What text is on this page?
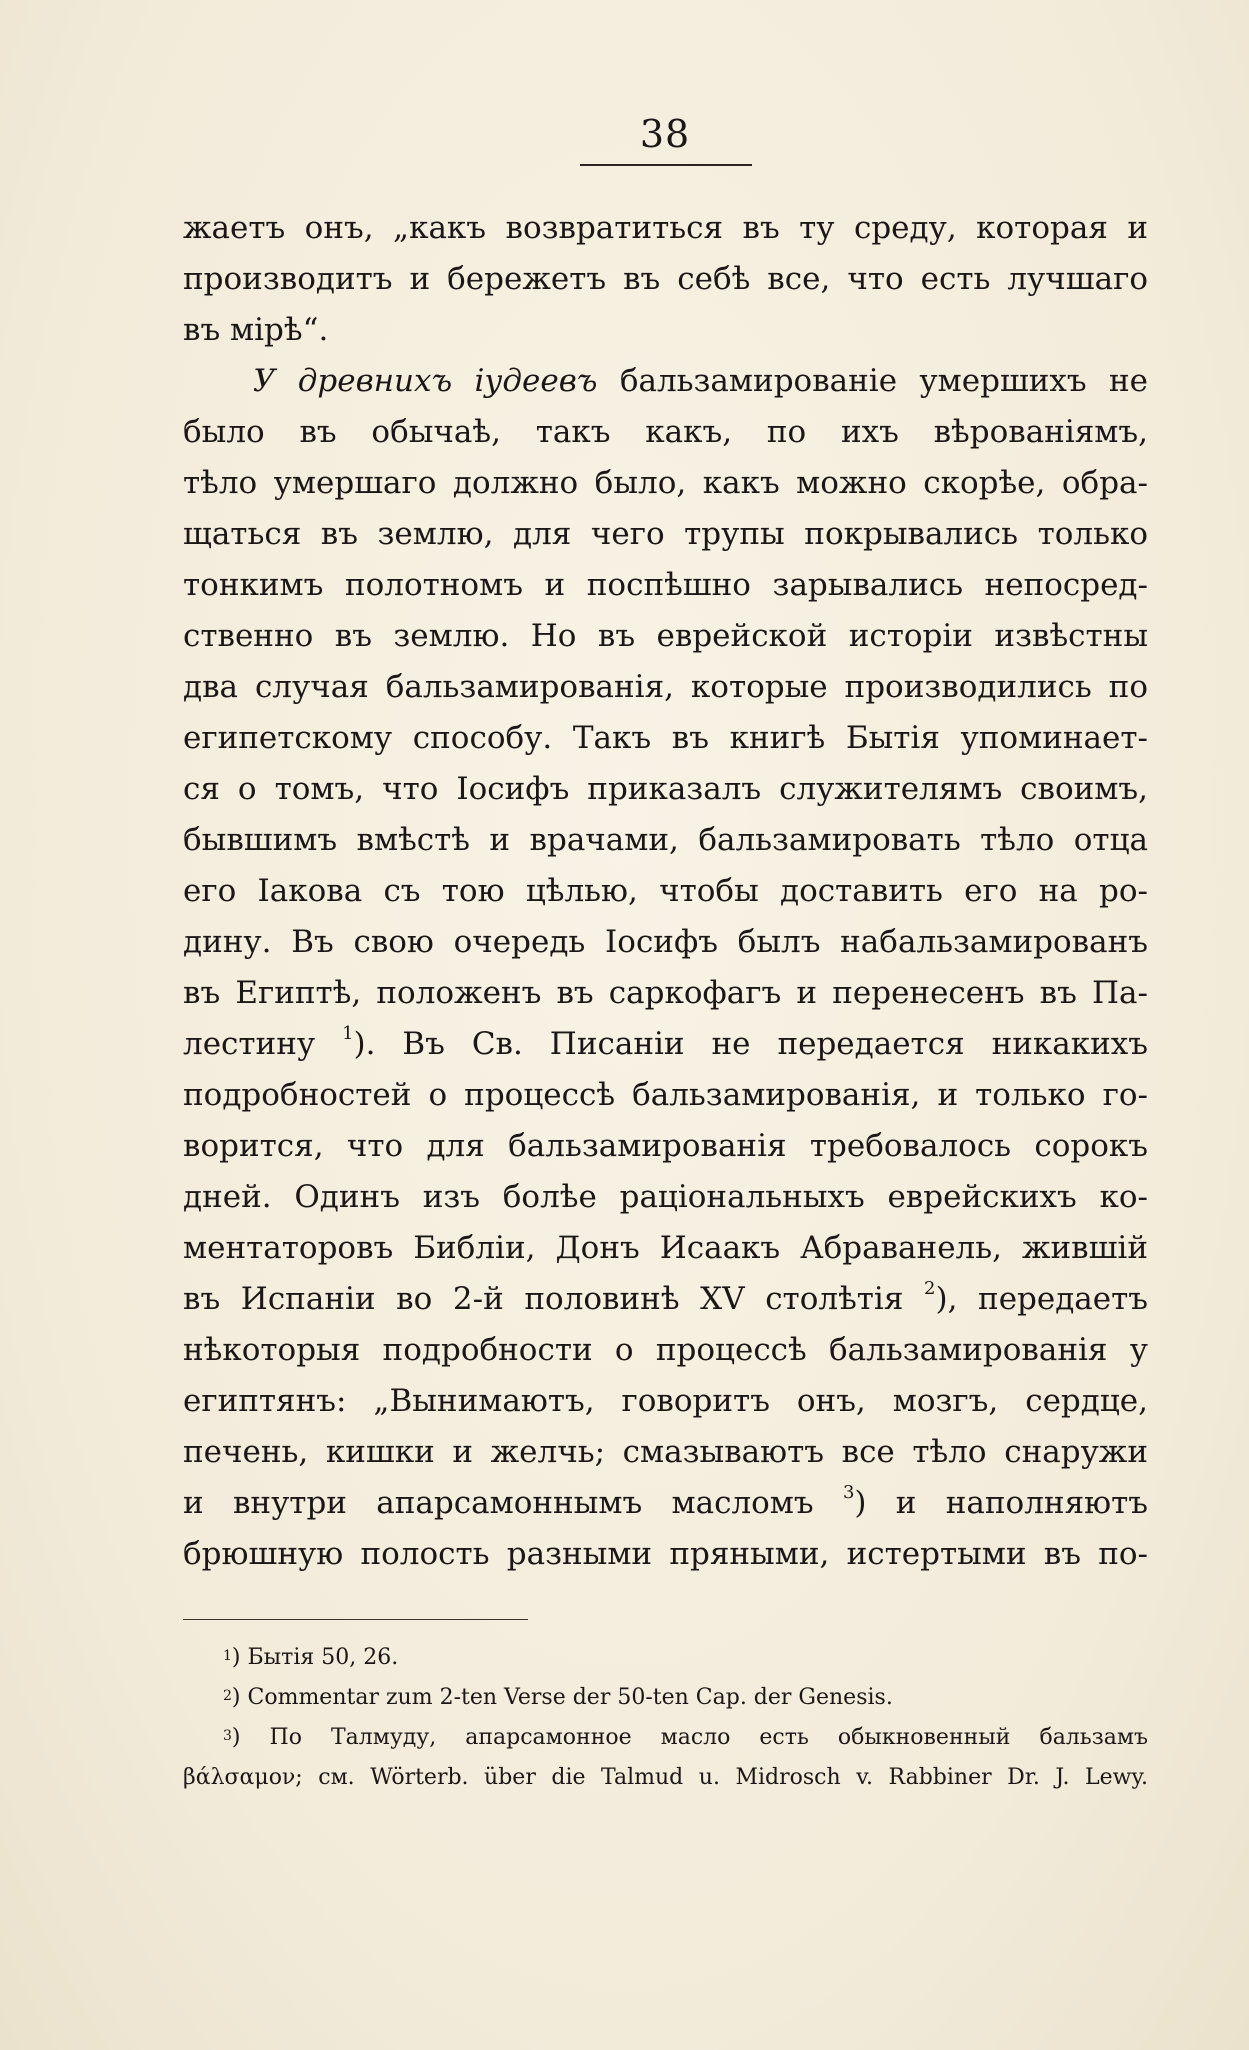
38
жаетъ онъ, „какъ возвратиться въ ту среду, которая и
производитъ и бережетъ въ себѣ все, что есть лучшаго
въ мірѣ“.
У древнихъ іудеевъ бальзамированіе умершихъ не
было въ обычаѣ, такъ какъ, по ихъ вѣрованіямъ,
тѣло умершаго должно было, какъ можно скорѣе, обра-
щаться въ землю, для чего трупы покрывались только
тонкимъ полотномъ и поспѣшно зарывались непосред-
ственно въ землю. Но въ еврейской исторіи извѣстны
два случая бальзамированія, которые производились по
египетскому способу. Такъ въ книгѣ Бытія упоминает-
ся о томъ, что Іосифъ приказалъ служителямъ своимъ,
бывшимъ вмѣстѣ и врачами, бальзамировать тѣло отца
его Іакова съ тою цѣлью, чтобы доставить его на ро-
дину. Въ свою очередь Іосифъ былъ набальзамированъ
въ Египтѣ, положенъ въ саркофагъ и перенесенъ въ Па-
лестину $^1$). Въ Св. Писаніи не передается никакихъ
подробностей о процессѣ бальзамированія, и только го-
ворится, что для бальзамированія требовалось сорокъ
дней. Одинъ изъ болѣе раціональныхъ еврейскихъ ко-
ментаторовъ Библіи, Донъ Исаакъ Абраванель, жившій
въ Испаніи во 2-й половинѣ XV столѣтія $^2$), передаетъ
нѣкоторыя подробности о процессѣ бальзамированія у
египтянъ: „Вынимаютъ, говоритъ онъ, мозгъ, сердце,
печень, кишки и желчь; смазываютъ все тѣло снаружи
и внутри апарсамоннымъ масломъ $^3$) и наполняютъ
брюшную полость разными пряными, истертыми въ по-
$^1$) Бытія 50, 26.
$^2$) Commentar zum 2-ten Verse der 50-ten Cap. der Genesis.
$^3$) По Талмуду, апарсамонное масло есть обыкновенный бальзамъ
βάλσαμον; см. Wörterb. über die Talmud u. Midrosch v. Rabbiner Dr. J. Lewy.
